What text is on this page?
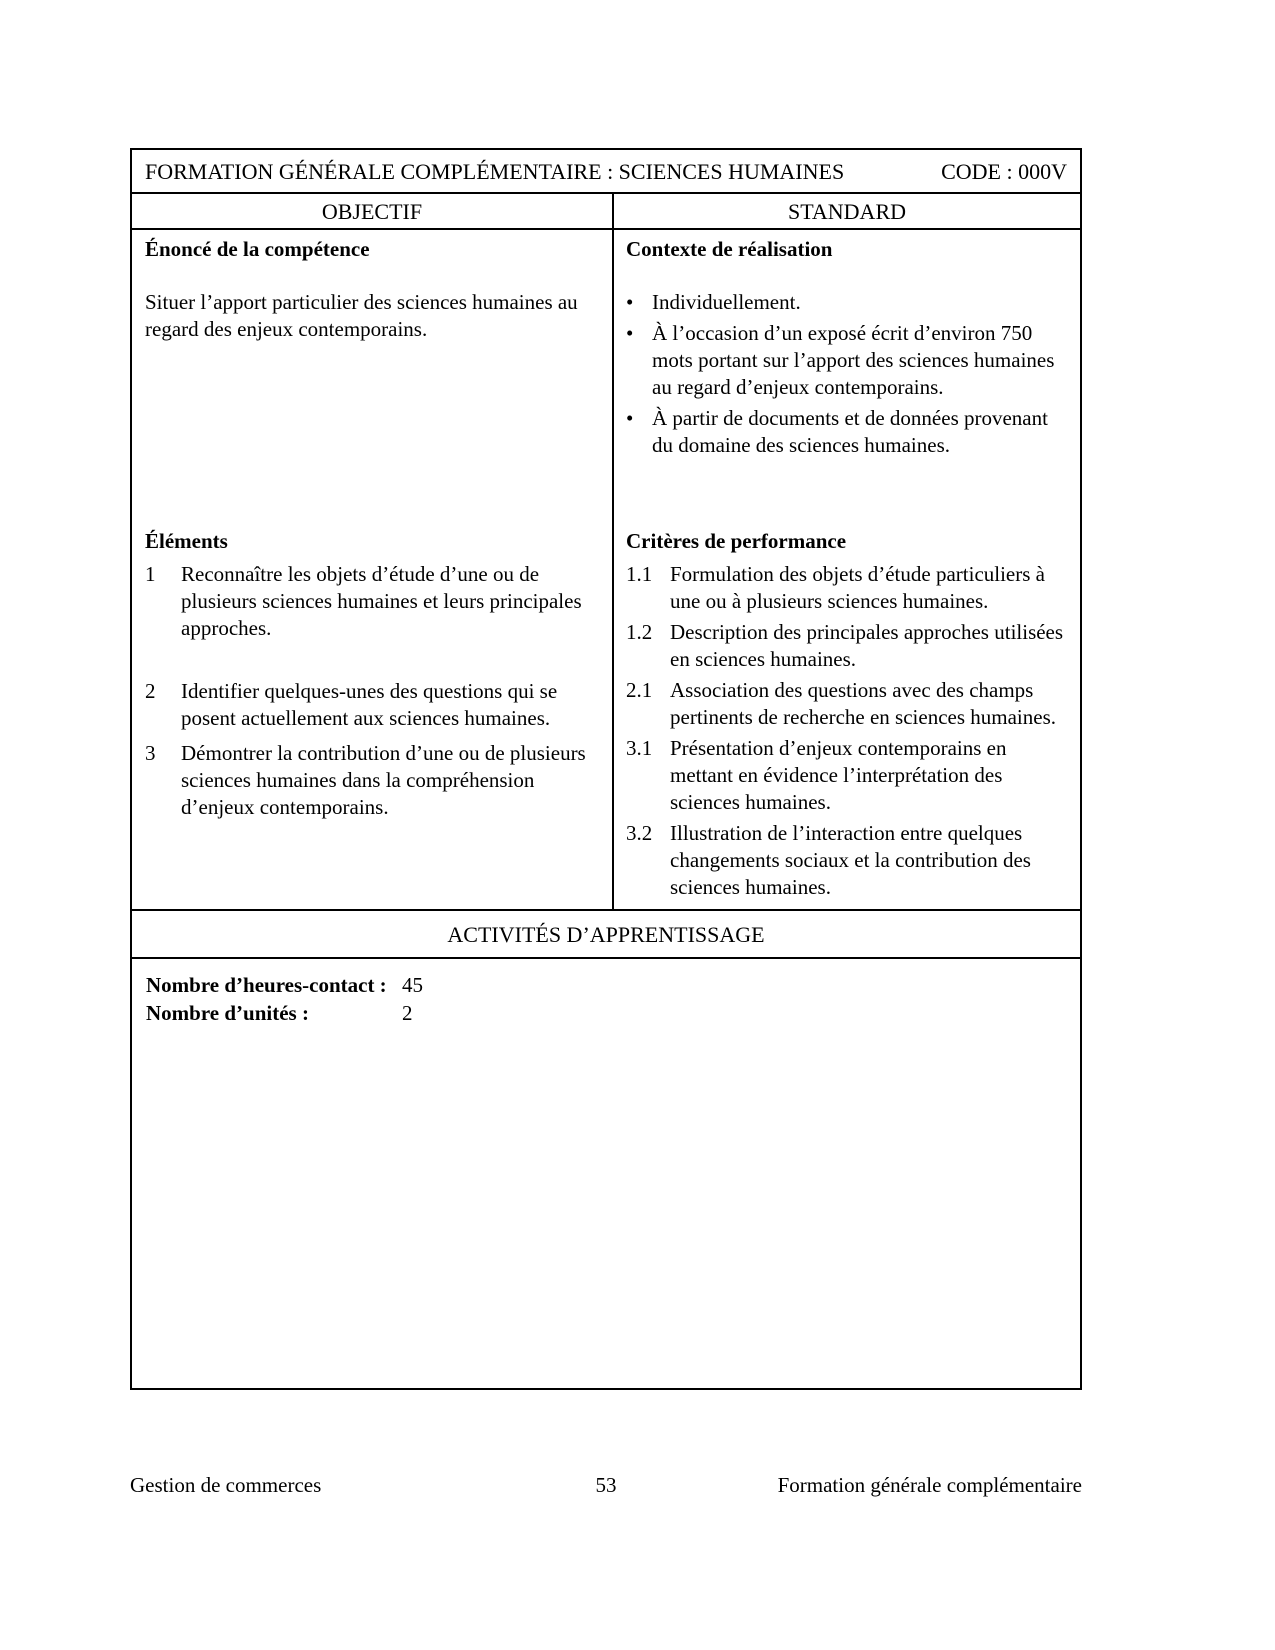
FORMATION GÉNÉRALE COMPLÉMENTAIRE : SCIENCES HUMAINES	CODE : 000V
OBJECTIF	STANDARD
Énoncé de la compétence
Situer l’apport particulier des sciences humaines au regard des enjeux contemporains.
Éléments
1	Reconnaître les objets d’étude d’une ou de plusieurs sciences humaines et leurs principales approches.
2	Identifier quelques-unes des questions qui se posent actuellement aux sciences humaines.
3	Démontrer la contribution d’une ou de plusieurs sciences humaines dans la compréhension d’enjeux contemporains.
Contexte de réalisation
• Individuellement.
• À l’occasion d’un exposé écrit d’environ 750 mots portant sur l’apport des sciences humaines au regard d’enjeux contemporains.
• À partir de documents et de données provenant du domaine des sciences humaines.
Critères de performance
1.1 Formulation des objets d’étude particuliers à une ou à plusieurs sciences humaines.
1.2 Description des principales approches utilisées en sciences humaines.
2.1 Association des questions avec des champs pertinents de recherche en sciences humaines.
3.1 Présentation d’enjeux contemporains en mettant en évidence l’interprétation des sciences humaines.
3.2 Illustration de l’interaction entre quelques changements sociaux et la contribution des sciences humaines.
ACTIVITÉS D’APPRENTISSAGE
Nombre d’heures-contact : 45
Nombre d’unités :	2
Gestion de commerces	53	Formation générale complémentaire
